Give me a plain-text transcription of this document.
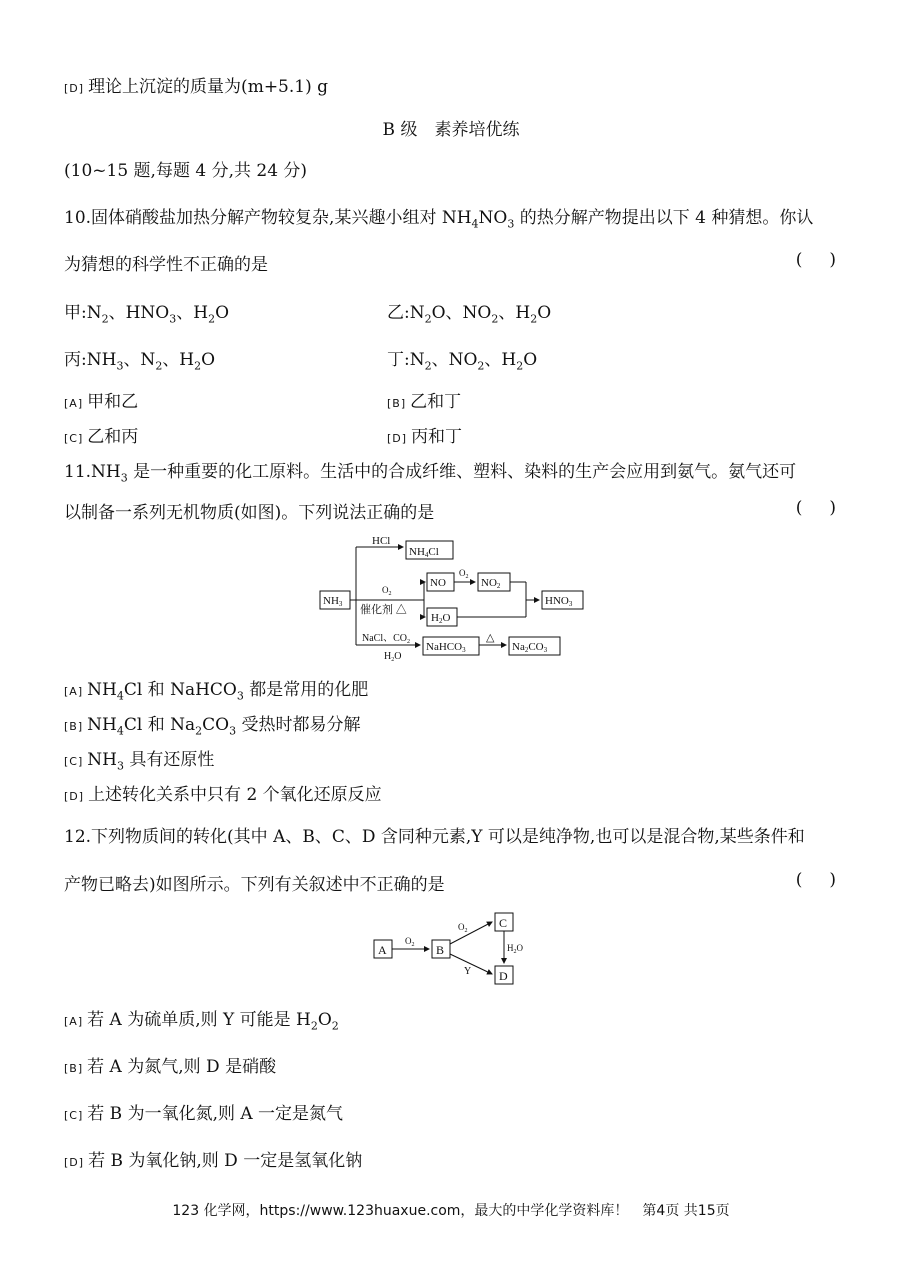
[D] 理论上沉淀的质量为(m+5.1) g
B 级　素养培优练
(10~15 题,每题 4 分,共 24 分)
10.固体硝酸盐加热分解产物较复杂,某兴趣小组对 $NH_4NO_3$ 的热分解产物提出以下 4 种猜想。你认
为猜想的科学性不正确的是	(     )
甲$:N_2$、$HNO_3$、$H_2O$	乙$:N_2O$、$NO_2$、$H_2O$
丙$:NH_3$、$N_2$、$H_2O$	丁$:N_2$、$NO_2$、$H_2O$
[A] 甲和乙	[B] 乙和丁
[C] 乙和丙	[D] 丙和丁
$11.NH_3$ 是一种重要的化工原料。生活中的合成纤维、塑料、染料的生产会应用到氨气。氨气还可
以制备一系列无机物质(如图)。下列说法正确的是	(     )
NH3
HCl
NH4Cl
$O_2$
催化剂 △
NO
$O_2$ NO2
H2O
HNO3
NaCl、$CO_2$
$H_2O$
NaHCO3
△
Na2CO3
[A] $NH_4Cl$ 和 NaHCO$_3$ 都是常用的化肥
[B] $NH_4Cl$ 和 $Na_2CO_3$ 受热时都易分解
[C] $NH_3$ 具有还原性
[D] 上述转化关系中只有 2 个氧化还原反应
12.下列物质间的转化(其中 A、B、C、D 含同种元素,Y 可以是纯净物,也可以是混合物,某些条件和
产物已略去)如图所示。下列有关叙述中不正确的是	(     )
A	B
C
D
$O_2$
$O_2$
$H_2O$
Y
[A] 若 A 为硫单质,则 Y 可能是 $H_2O_2$
[B] 若 A 为氮气,则 D 是硝酸
[C] 若 B 为一氧化氮,则 A 一定是氮气
[D] 若 B 为氧化钠,则 D 一定是氢氧化钠
123 化学网，https://www.123huaxue.com，最大的中学化学资料库！　第4页 共15页
